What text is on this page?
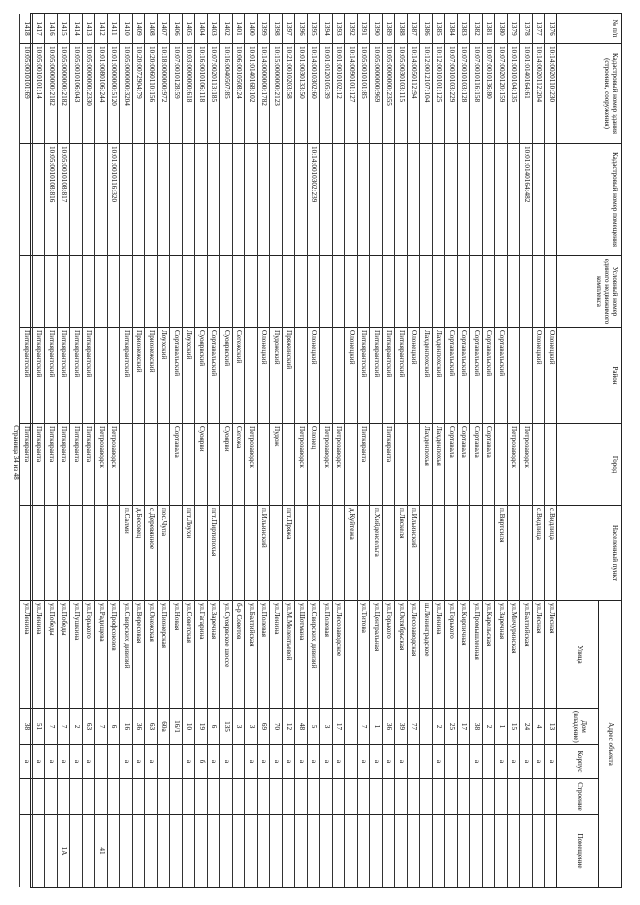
№ п/п
Кадастровый номер здания (строения, сооружения)
Кадастровый номер помещения
Условный номер единого недвижимого комплекса
Район
Город
Населенный пункт
Адрес объекта
Улица
Дом (владение)
Корпус
Строение
Помещение
1376
10:14:0020110:230
Олонецкий
с.Видлица
ул.Лесная
13
а
1377
10:14:0020112:204
Олонецкий
с.Видлица
ул.Лесная
4
а
1378
10:01:0140164:61
10:01:0140164:482
Петрозаводск
ул.Балтийская
24
а
1379
10:01:0010104:135
Петрозаводск
ул.Мичуринская
15
а
1380
10:07:0020120:159
Сортавальский
п.Вяртсиля
ул.Заречная
1
а
1381
10:07:0010136:80
Сортавальский
Сортавала
ул.Карельская
2
1382
10:07:0010116:158
Сортавальский
Сортавала
ул.Промышленная
38
а
1383
10:07:0010103:128
Сортавальский
Сортавала
ул.Кирпичная
17
1384
10:07:0010103:229
Сортавальский
Сортавала
ул.Горького
25
1385
10:12:0010101:125
Лахденпохский
Лахденпохья
ул.Ленина
2
а
1386
10:12:0012107:104
Лахденпохский
Лахденпохья
ш.Ленинградское
1387
10:14:0050112:94
Олонецкий
п.Ильинский
ул.Лесозаводская
77
1388
10:05:0030103:115
Питкярантский
п.Ляскеля
ул.Октябрьская
39
а
1389
10:05:0000000:2355
Питкярантский
Питкяранта
ул.Горького
36
а
1390
10:05:0000000:969
Питкярантский
п.Хийденсельга
ул.Центральная
1
а
1391
10:05:0010101:85
Питкярантский
Питкяранта
ул.Титова
7
а
1392
10:14:0090101:127
Олонецкий
д.Куйтежа
1393
10:01:0010102:12
Петрозаводск
ул.Лесозаводское
17
а
1394
10:01:0120105:39
Петрозаводск
ул.Полевая
3
а
1395
10:14:0010302:60
10:14:0010302:239
Олонецкий
Олонец
ул.Свирских дивизий
5
а
1396
10:01:0030133:50
Петрозаводск
ул.Шотмана
48
а
1397
10:21:0010203:58
Пряжинский
пгт.Пряжа
ул.М.Мелентьевой
12
а
1398
10:15:0000000:2123
Пудожский
Пудож
ул.Ленина
70
а
1399
10:14:0000000:1782
Олонецкий
п.Ильинский
ул.Полевая
69
а
1400
10:01:0140168:102
Петрозаводск
ул.Балтийская
3
а
1401
10:06:0010508:24
Сегежский
Сегежа
б-р Советов
3
1402
10:16:0040507:85
Суоярвский
Суоярви
ул.Суоярвское шоссе
135
а
1403
10:07:0020113:185
Сортавальский
пгт.Пиртипохья
ул.Заречная
6
а
1404
10:16:0010106:118
Суоярвский
Суоярви
ул.Гагарина
19
б
1405
10:03:0000000:618
Лоухский
пгт.Лоухи
ул.Советская
10
а
1406
10:07:0010128:59
Сортавальский
Сортавала
ул.Новая
16/1
1407
10:18:0000000:972
Лоухский
пос.Чупа
ул.Пионерская
60а
1408
10:20:0060110:156
Прионежский
с.Деревянное
ул.Онежская
63
а
1409
10:20:0072904:79
Прионежский
д.Бесовец
ул.Вересовая
36
а
1410
10:05:0000000:3204
Питкярантский
п.Салми
ул.Свирских дивизий
16
а
1411
10:01:0000000:5120
10:01:0010116:320
Петрозаводск
ул.Профсоюзов
6
1412
10:01:0080106:244
Петрозаводск
ул.Радищева
7
41
1413
10:05:0000000:2330
Питкярантский
Питкяранта
ул.Горького
63
а
1414
10:05:0010106:043
Питкярантский
Питкяранта
ул.Пушкина
2
а
1415
10:05:0000000:2182
10:05:0010108:817
Питкярантский
Питкяранта
ул.Победы
7
а
1А
1416
10:05:0000000:2182
10:05:0010108:816
Питкярантский
Питкяранта
ул.Победы
7
а
1417
10:05:0010101:14
Питкярантский
Питкяранта
ул.Ленина
51
а
1418
10:05:0010101:69
Питкярантский
Питкяранта
ул.Ленина
38
а
Страница 34 из 48
